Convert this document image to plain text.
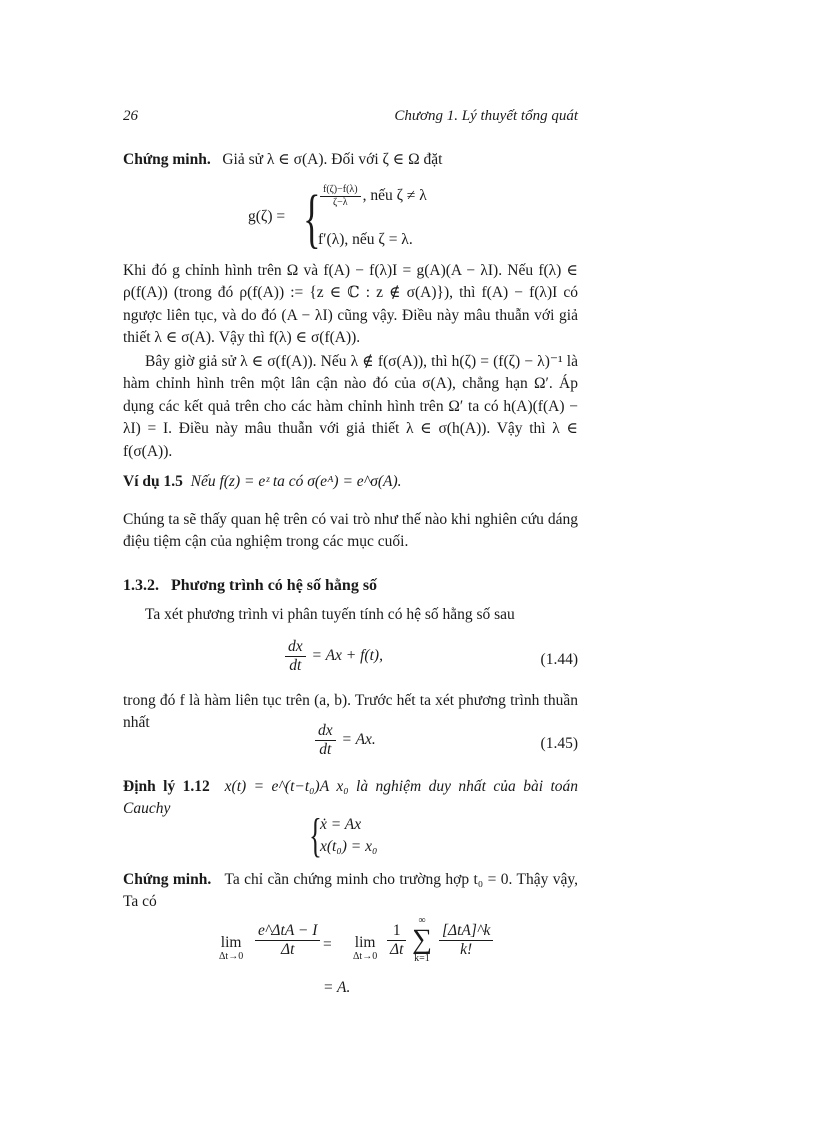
26	Chương 1. Lý thuyết tổng quát
Chứng minh. Giả sử λ ∈ σ(A). Đối với ζ ∈ Ω đặt
g(ζ) = { $\frac{f(\zeta)-f(\lambda)}{\zeta-\lambda}$ , nếu ζ ≠ λ
f′(λ), nếu ζ = λ.

Khi đó g chỉnh hình trên Ω và f(A) − f(λ)I = g(A)(A − λI). Nếu f(λ) ∈ ρ(f(A)) (trong đó ρ(f(A)) := {z ∈ ℂ : z ∉ σ(A)}), thì f(A) − f(λ)I có ngược liên tục, và do đó (A − λI) cũng vậy. Điều này mâu thuẫn với giả thiết λ ∈ σ(A). Vậy thì f(λ) ∈ σ(f(A)).

Bây giờ giả sử λ ∈ σ(f(A)). Nếu λ ∉ f(σ(A)), thì h(ζ) = (f(ζ) − λ)⁻¹ là hàm chỉnh hình trên một lân cận nào đó của σ(A), chẳng hạn Ω′. Áp dụng các kết quả trên cho các hàm chỉnh hình trên Ω′ ta có h(A)(f(A) − λI) = I. Điều này mâu thuẫn với giả thiết λ ∈ σ(h(A)). Vậy thì λ ∈ f(σ(A)).

Ví dụ 1.5 Nếu f(z) = eᶻ ta có σ(eᴬ) = e^σ(A).

Chúng ta sẽ thấy quan hệ trên có vai trò như thế nào khi nghiên cứu dáng điệu tiệm cận của nghiệm trong các mục cuối.

1.3.2. Phương trình có hệ số hằng số

Ta xét phương trình vi phân tuyến tính có hệ số hằng số sau

$\frac{dx}{dt} = Ax + f(t)$,	(1.44)

trong đó f là hàm liên tục trên (a, b). Trước hết ta xét phương trình thuần nhất	$\frac{dx}{dt} = Ax$.	(1.45)
Định lý 1.12 x(t) = e^(t−t₀)A x₀ là nghiệm duy nhất của bài toán Cauchy
{
ẋ = Ax
x(t₀) = x₀

Chứng minh. Ta chỉ cần chứng minh cho trường hợp t₀ = 0. Thậy vậy, Ta có

lim
$\Delta t\to 0 \frac{\text{e\textasciicircum{}ΔtA − I}}{\Delta t} = \lim$
$\Delta t\to 0 \frac{1}{\Delta t}$
∞
∑
$k=1 \frac{\text{[ΔtA]\textasciicircum{}k}}{k!}$
= A.
